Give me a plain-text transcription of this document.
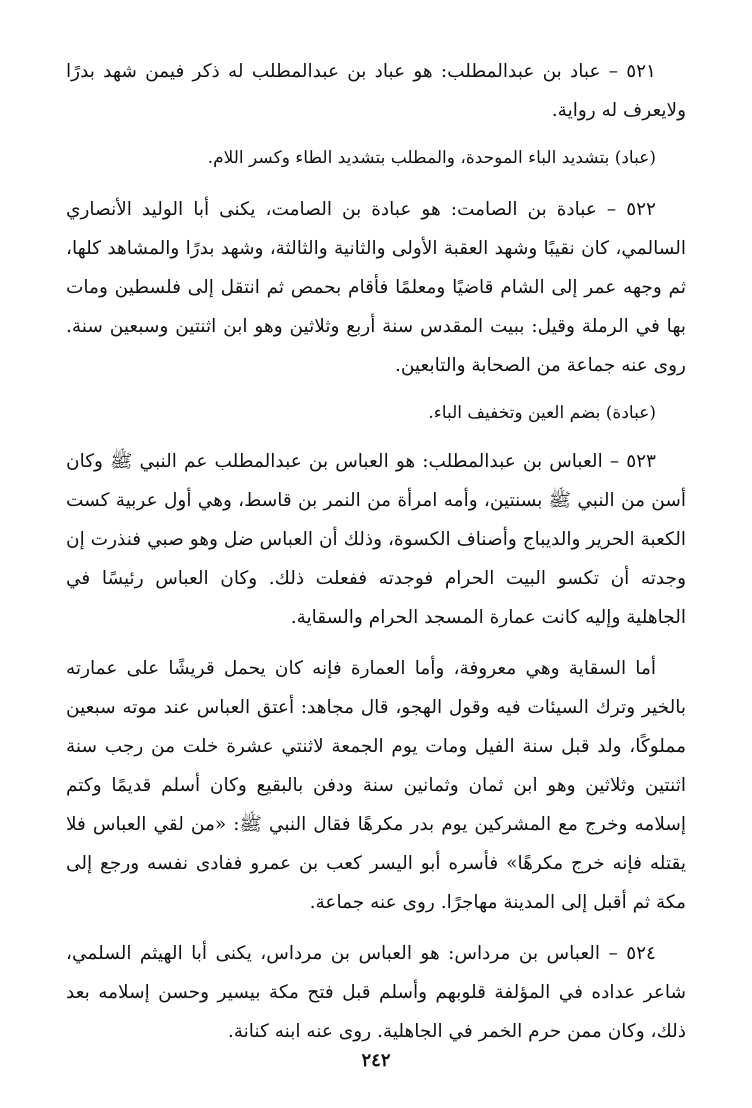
٥٢١ – عباد بن عبدالمطلب: هو عباد بن عبدالمطلب له ذكر فيمن شهد بدرًا ولايعرف له رواية.

(عباد) بتشديد الباء الموحدة، والمطلب بتشديد الطاء وكسر اللام.

٥٢٢ – عبادة بن الصامت: هو عبادة بن الصامت، يكنى أبا الوليد الأنصاري السالمي، كان نقيبًا وشهد العقبة الأولى والثانية والثالثة، وشهد بدرًا والمشاهد كلها، ثم وجهه عمر إلى الشام قاضيًا ومعلمًا فأقام بحمص ثم انتقل إلى فلسطين ومات بها في الرملة وقيل: ببيت المقدس سنة أربع وثلاثين وهو ابن اثنتين وسبعين سنة. روى عنه جماعة من الصحابة والتابعين.

(عبادة) بضم العين وتخفيف الباء.

٥٢٣ – العباس بن عبدالمطلب: هو العباس بن عبدالمطلب عم النبي ﷺ وكان أسن من النبي ﷺ بسنتين، وأمه امرأة من النمر بن قاسط، وهي أول عربية كست الكعبة الحرير والديباج وأصناف الكسوة، وذلك أن العباس ضل وهو صبي فنذرت إن وجدته أن تكسو البيت الحرام فوجدته ففعلت ذلك. وكان العباس رئيسًا في الجاهلية وإليه كانت عمارة المسجد الحرام والسقاية.

أما السقاية وهي معروفة، وأما العمارة فإنه كان يحمل قريشًا على عمارته بالخير وترك السيئات فيه وقول الهجو، قال مجاهد: أعتق العباس عند موته سبعين مملوكًا، ولد قبل سنة الفيل ومات يوم الجمعة لاثنتي عشرة خلت من رجب سنة اثنتين وثلاثين وهو ابن ثمان وثمانين سنة ودفن بالبقيع وكان أسلم قديمًا وكتم إسلامه وخرج مع المشركين يوم بدر مكرهًا فقال النبي ﷺ: «من لقي العباس فلا يقتله فإنه خرج مكرهًا» فأسره أبو اليسر كعب بن عمرو ففادى نفسه ورجع إلى مكة ثم أقبل إلى المدينة مهاجرًا. روى عنه جماعة.

٥٢٤ – العباس بن مرداس: هو العباس بن مرداس، يكنى أبا الهيثم السلمي، شاعر عداده في المؤلفة قلوبهم وأسلم قبل فتح مكة بيسير وحسن إسلامه بعد ذلك، وكان ممن حرم الخمر في الجاهلية. روى عنه ابنه كنانة.

٢٤٢
